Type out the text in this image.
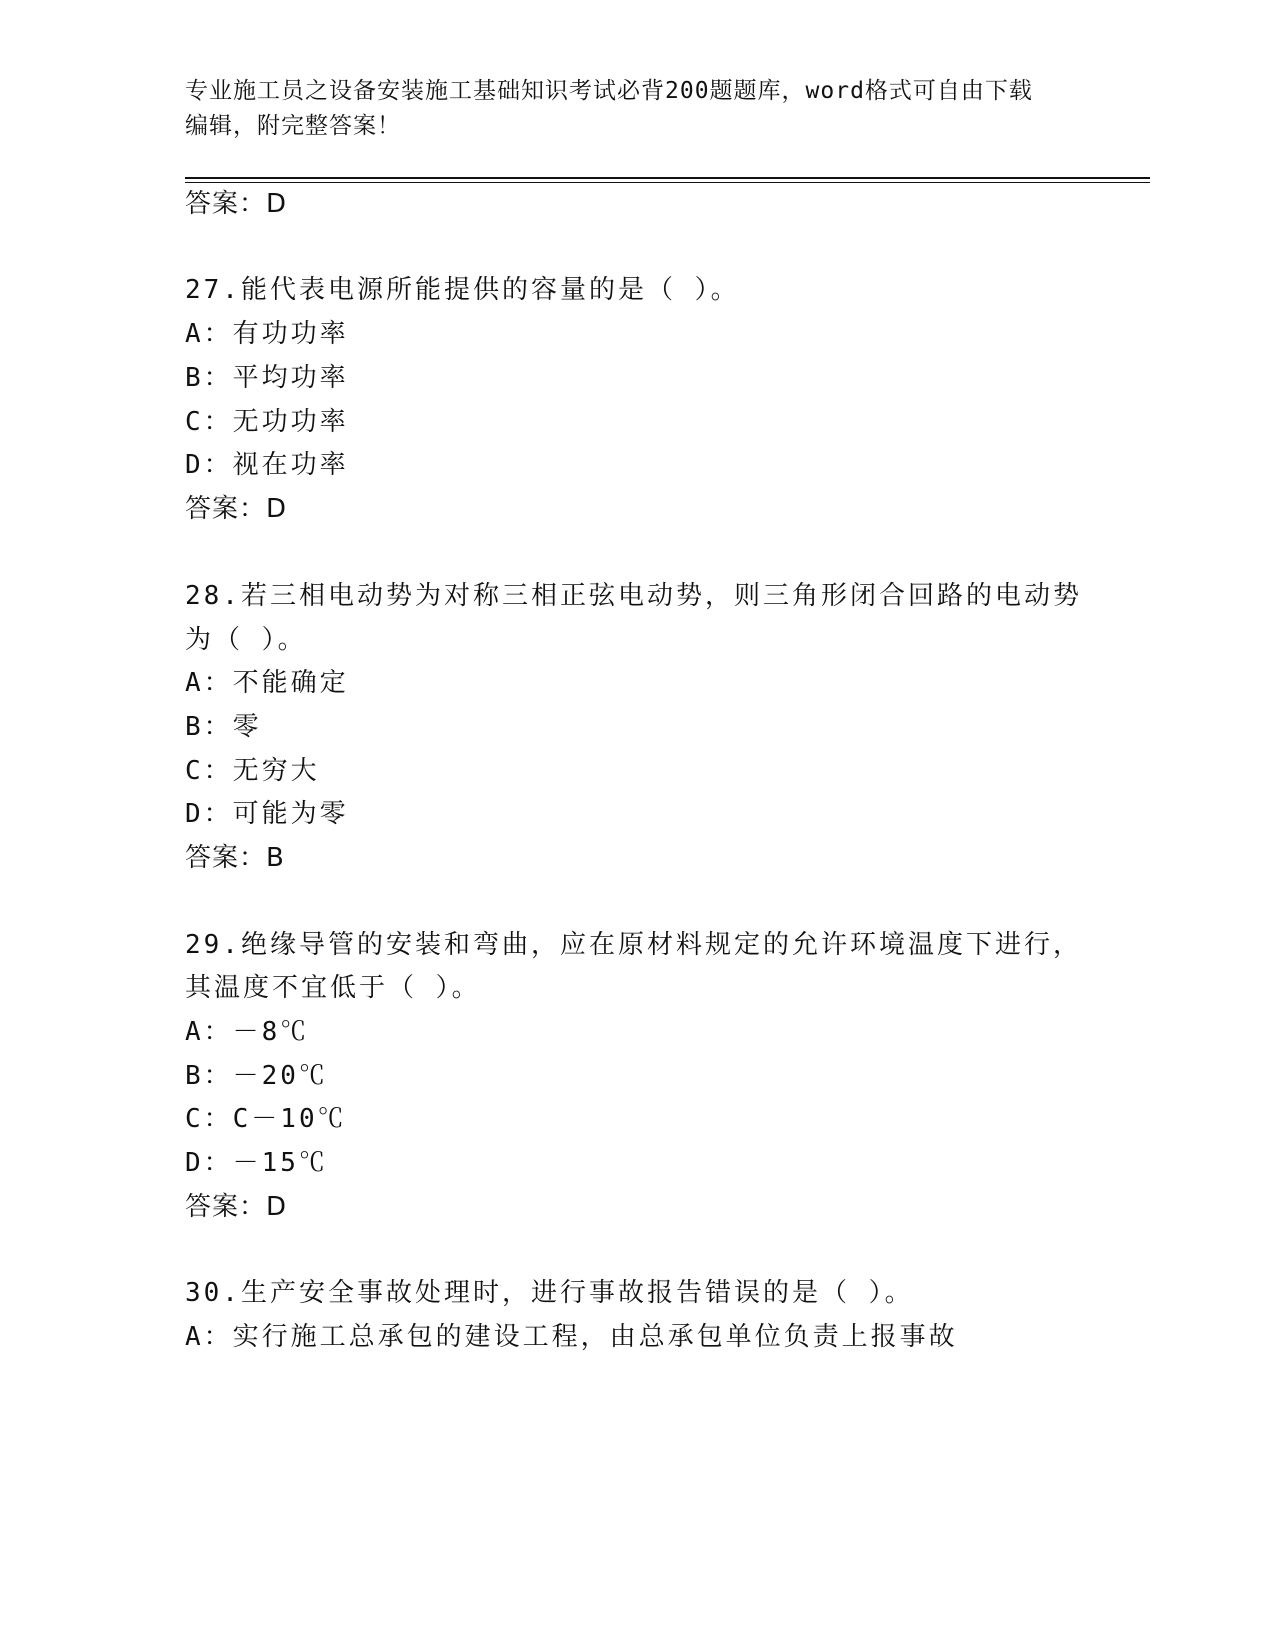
专业施工员之设备安装施工基础知识考试必背200题题库，word格式可自由下载
编辑，附完整答案！
答案：D
27.能代表电源所能提供的容量的是（ ）。
A：有功功率
B：平均功率
C：无功功率
D：视在功率
答案：D
28.若三相电动势为对称三相正弦电动势，则三角形闭合回路的电动势
为（ ）。
A：不能确定
B：零
C：无穷大
D：可能为零
答案：B
29.绝缘导管的安装和弯曲，应在原材料规定的允许环境温度下进行，
其温度不宜低于（ ）。
A：－8℃
B：－20℃
C：C－10℃
D：－15℃
答案：D
30.生产安全事故处理时，进行事故报告错误的是（ ）。
A：实行施工总承包的建设工程，由总承包单位负责上报事故
